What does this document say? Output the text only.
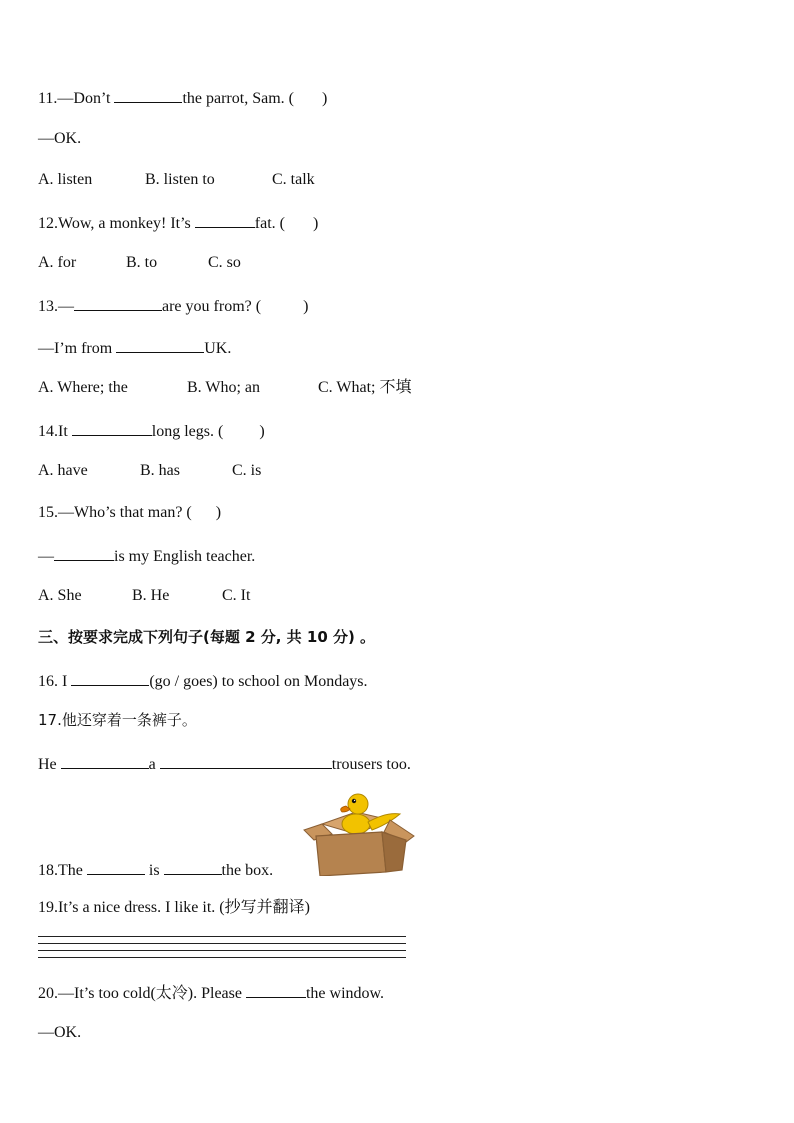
11.—Don’t	the parrot, Sam. ( )
—OK.
A. listen	B. listen to	C. talk
12.Wow, a monkey! It’s	fat. ( )
A. for	B. to	C. so
13.—	are you from? (	)
—I’m from	UK.
A. Where; the	B. Who; an	C. What; 不填
14.It	long legs. ( )
A. have	B. has	C. is
15.—Who’s that man? ( )
—	is my English teacher.
A. She	B. He	C. It
三、按要求完成下列句子(每题 2 分, 共 10 分) 。
16. I	(go / goes) to school on Mondays.
17.他还穿着一条裤子。
He	a	trousers too.
18.The	is	the box.
19.It’s a nice dress. I like it. (抄写并翻译)
20.—It’s too cold(太冷). Please	the window.
—OK.
